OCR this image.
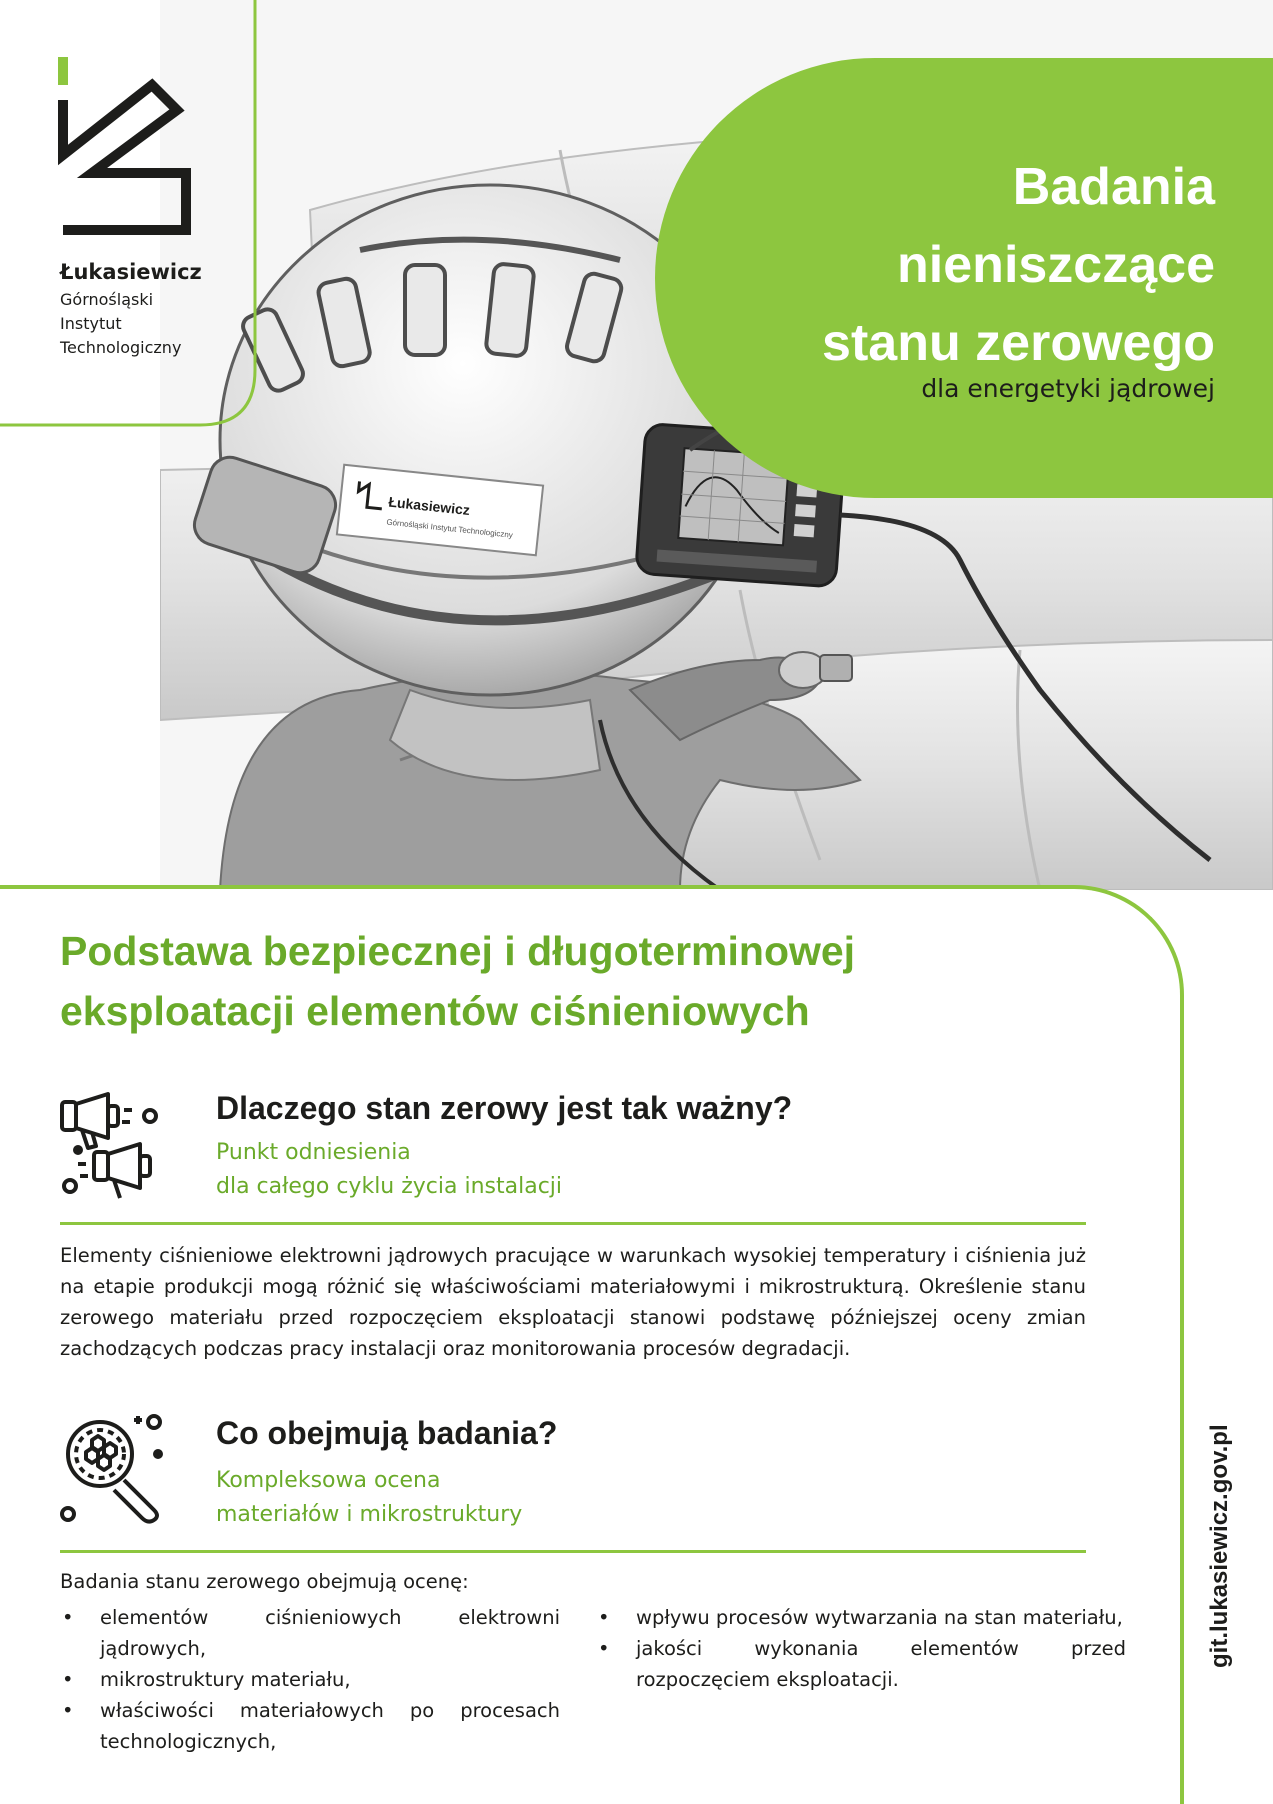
Łukasiewicz
Górnośląski Instytut Technologiczny
Łukasiewicz
Górnośląski
Instytut
Technologiczny
Badania
nieniszczące
stanu zerowego
dla energetyki jądrowej
Podstawa bezpiecznej i długoterminowej
eksploatacji elementów ciśnieniowych
Dlaczego stan zerowy jest tak ważny?
Punkt odniesienia
dla całego cyklu życia instalacji
Elementy ciśnieniowe elektrowni jądrowych pracujące w warunkach wysokiej temperatury i ciśnienia już na etapie produkcji mogą różnić się właściwościami materiałowymi i mikrostrukturą. Określenie stanu zerowego materiału przed rozpoczęciem eksploatacji stanowi podstawę późniejszej oceny zmian zachodzących podczas pracy instalacji oraz monitorowania procesów degradacji.
Co obejmują badania?
Kompleksowa ocena
materiałów i mikrostruktury
Badania stanu zerowego obejmują ocenę:
• elementów ciśnieniowych elektrowni jądrowych,
• mikrostruktury materiału,
• właściwości materiałowych po procesach technologicznych,
• wpływu procesów wytwarzania na stan materiału,
• jakości wykonania elementów przed rozpoczęciem eksploatacji.
git.lukasiewicz.gov.pl
